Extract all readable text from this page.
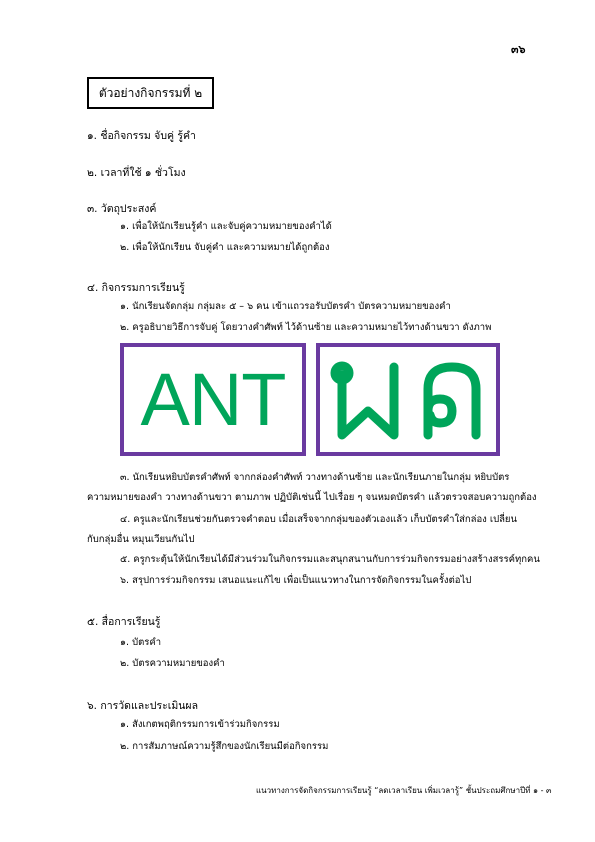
๓๖
ตัวอย่างกิจกรรมที่ ๒
๑. ชื่อกิจกรรม จับคู่ รู้คำ
๒. เวลาที่ใช้ ๑ ชั่วโมง
๓. วัตถุประสงค์
๑. เพื่อให้นักเรียนรู้คำ และจับคู่ความหมายของคำได้
๒. เพื่อให้นักเรียน จับคู่คำ และความหมายได้ถูกต้อง
๔. กิจกรรมการเรียนรู้
๑. นักเรียนจัดกลุ่ม กลุ่มละ ๕ – ๖ คน เข้าแถวรอรับบัตรคำ บัตรความหมายของคำ
๒. ครูอธิบายวิธีการจับคู่ โดยวางคำศัพท์ ไว้ด้านซ้าย และความหมายไว้ทางด้านขวา ดังภาพ
ANT
๓. นักเรียนหยิบบัตรคำศัพท์ จากกล่องคำศัพท์ วางทางด้านซ้าย และนักเรียนภายในกลุ่ม หยิบบัตร
ความหมายของคำ วางทางด้านขวา ตามภาพ ปฏิบัติเช่นนี้ ไปเรื่อย ๆ จนหมดบัตรคำ แล้วตรวจสอบความถูกต้อง
๔. ครูและนักเรียนช่วยกันตรวจคำตอบ เมื่อเสร็จจากกลุ่มของตัวเองแล้ว เก็บบัตรคำใส่กล่อง เปลี่ยน
กับกลุ่มอื่น หมุนเวียนกันไป
๕. ครูกระตุ้นให้นักเรียนได้มีส่วนร่วมในกิจกรรมและสนุกสนานกับการร่วมกิจกรรมอย่างสร้างสรรค์ทุกคน
๖. สรุปการร่วมกิจกรรม เสนอแนะแก้ไข เพื่อเป็นแนวทางในการจัดกิจกรรมในครั้งต่อไป
๕. สื่อการเรียนรู้
๑. บัตรคำ
๒. บัตรความหมายของคำ
๖. การวัดและประเมินผล
๑. สังเกตพฤติกรรมการเข้าร่วมกิจกรรม
๒. การสัมภาษณ์ความรู้สึกของนักเรียนมีต่อกิจกรรม
แนวทางการจัดกิจกรรมการเรียนรู้ “ลดเวลาเรียน เพิ่มเวลารู้” ชั้นประถมศึกษาปีที่ ๑ - ๓
